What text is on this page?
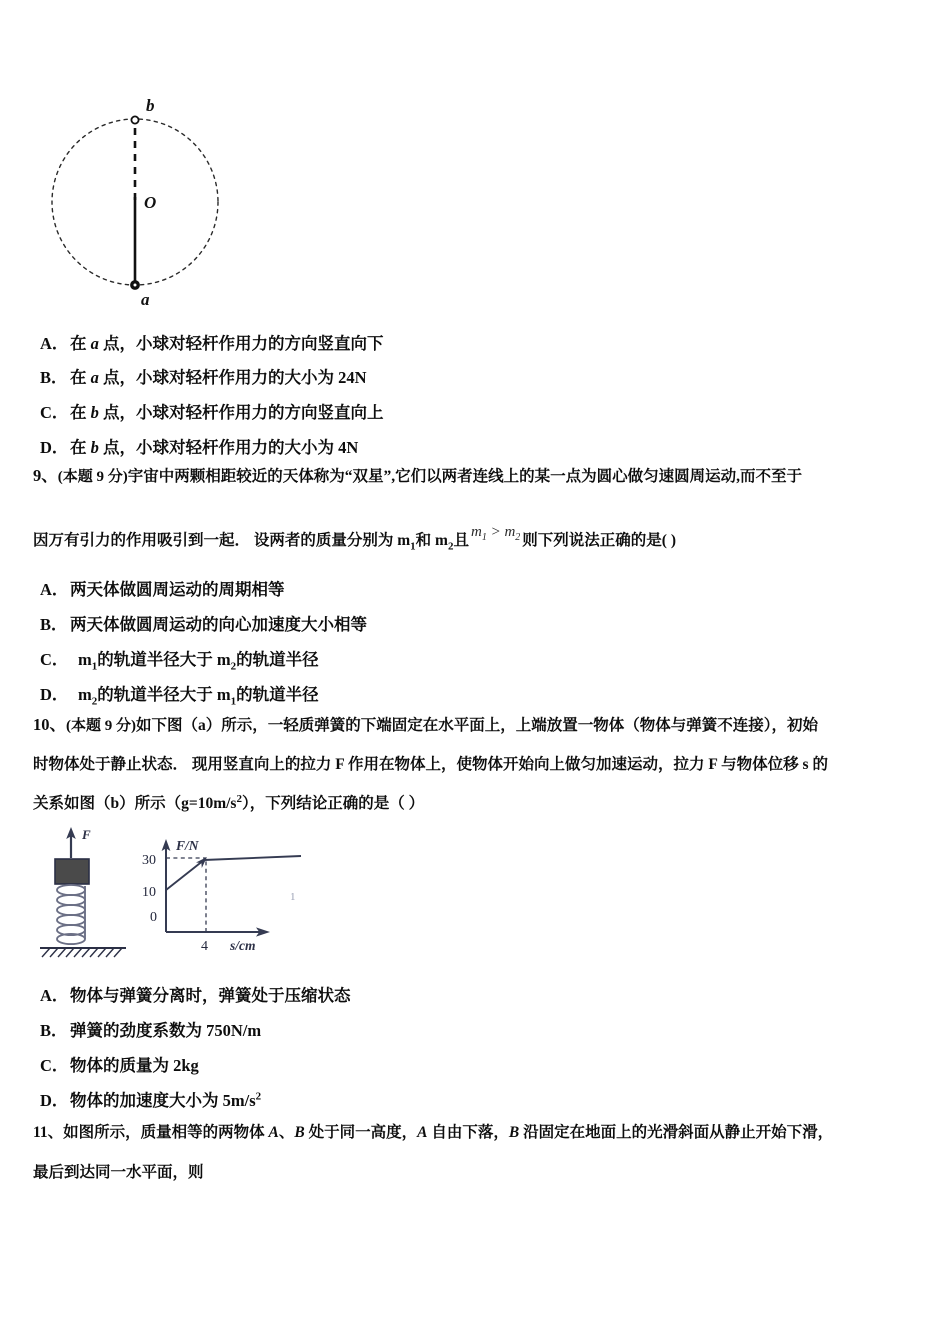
b
O
a
A．在 a 点，小球对轻杆作用力的方向竖直向下
B． 在 a 点，小球对轻杆作用力的大小为 24N
C．在 b 点，小球对轻杆作用力的方向竖直向上
D．在 b 点，小球对轻杆作用力的大小为 4N
9、(本题 9 分)宇宙中两颗相距较近的天体称为“双星”,它们以两者连线上的某一点为圆心做匀速圆周运动,而不至于
因万有引力的作用吸引到一起． 设两者的质量分别为 $m_1$和 $m_2$且 $m_1 > m_2$ 则下列说法正确的是( )
A．两天体做圆周运动的周期相等
B． 两天体做圆周运动的向心加速度大小相等
C． $m_1$的轨道半径大于 $m_2$的轨道半径
D． $m_2$的轨道半径大于 $m_1$的轨道半径
10、(本题 9 分)如下图（a）所示，一轻质弹簧的下端固定在水平面上，上端放置一物体（物体与弹簧不连接），初始
时物体处于静止状态． 现用竖直向上的拉力 F 作用在物体上，使物体开始向上做匀加速运动，拉力 F 与物体位移 s 的
关系如图（b）所示$(g=10m/s^2)$，下列结论正确的是（ ）
F
F/N
s/cm
30
10
0
4
1
A．物体与弹簧分离时，弹簧处于压缩状态
B． 弹簧的劲度系数为 750N/m
C．物体的质量为 2kg
D．物体的加速度大小为 $5m/s^2$
11、如图所示，质量相等的两物体 A、B 处于同一高度，A 自由下落，B 沿固定在地面上的光滑斜面从静止开始下滑，
最后到达同一水平面，则
